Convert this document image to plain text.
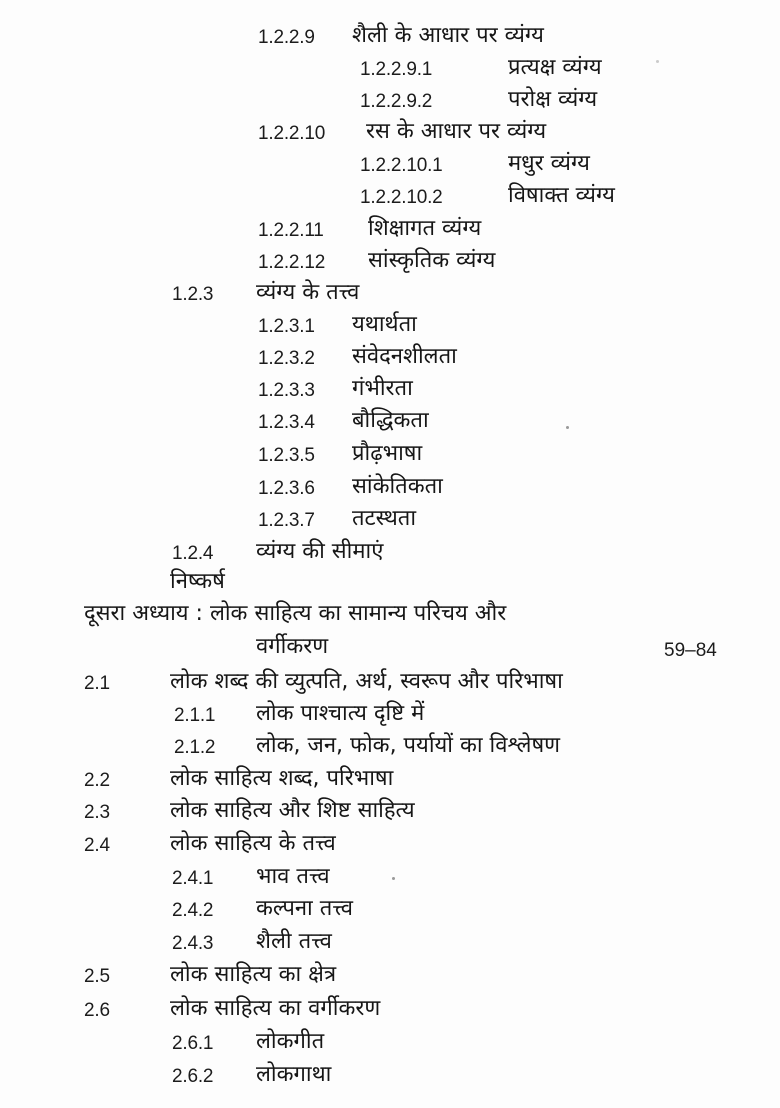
1.2.2.9 शैली के आधार पर व्यंग्य
1.2.2.9.1	प्रत्यक्ष व्यंग्य
1.2.2.9.2	परोक्ष व्यंग्य
1.2.2.10 रस के आधार पर व्यंग्य
1.2.2.10.1	मधुर व्यंग्य
1.2.2.10.2	विषाक्त व्यंग्य
1.2.2.11 शिक्षागत व्यंग्य
1.2.2.12 सांस्कृतिक व्यंग्य
1.2.3 व्यंग्य के तत्त्व
1.2.3.1 यथार्थता
1.2.3.2 संवेदनशीलता
1.2.3.3 गंभीरता
1.2.3.4 बौद्धिकता
1.2.3.5 प्रौढ़भाषा
1.2.3.6 सांकेतिकता
1.2.3.7 तटस्थता
1.2.4 व्यंग्य की सीमाएं
निष्कर्ष
दूसरा अध्याय : लोक साहित्य का सामान्य परिचय और
वर्गीकरण	59–84
2.1	लोक शब्द की व्युत्पति, अर्थ, स्वरूप और परिभाषा
2.1.1 लोक पाश्चात्य दृष्टि में
2.1.2 लोक, जन, फोक, पर्यायों का विश्लेषण
2.2	लोक साहित्य शब्द, परिभाषा
2.3	लोक साहित्य और शिष्ट साहित्य
2.4	लोक साहित्य के तत्त्व
2.4.1 भाव तत्त्व
2.4.2 कल्पना तत्त्व
2.4.3 शैली तत्त्व
2.5	लोक साहित्य का क्षेत्र
2.6	लोक साहित्य का वर्गीकरण
2.6.1 लोकगीत
2.6.2 लोकगाथा
